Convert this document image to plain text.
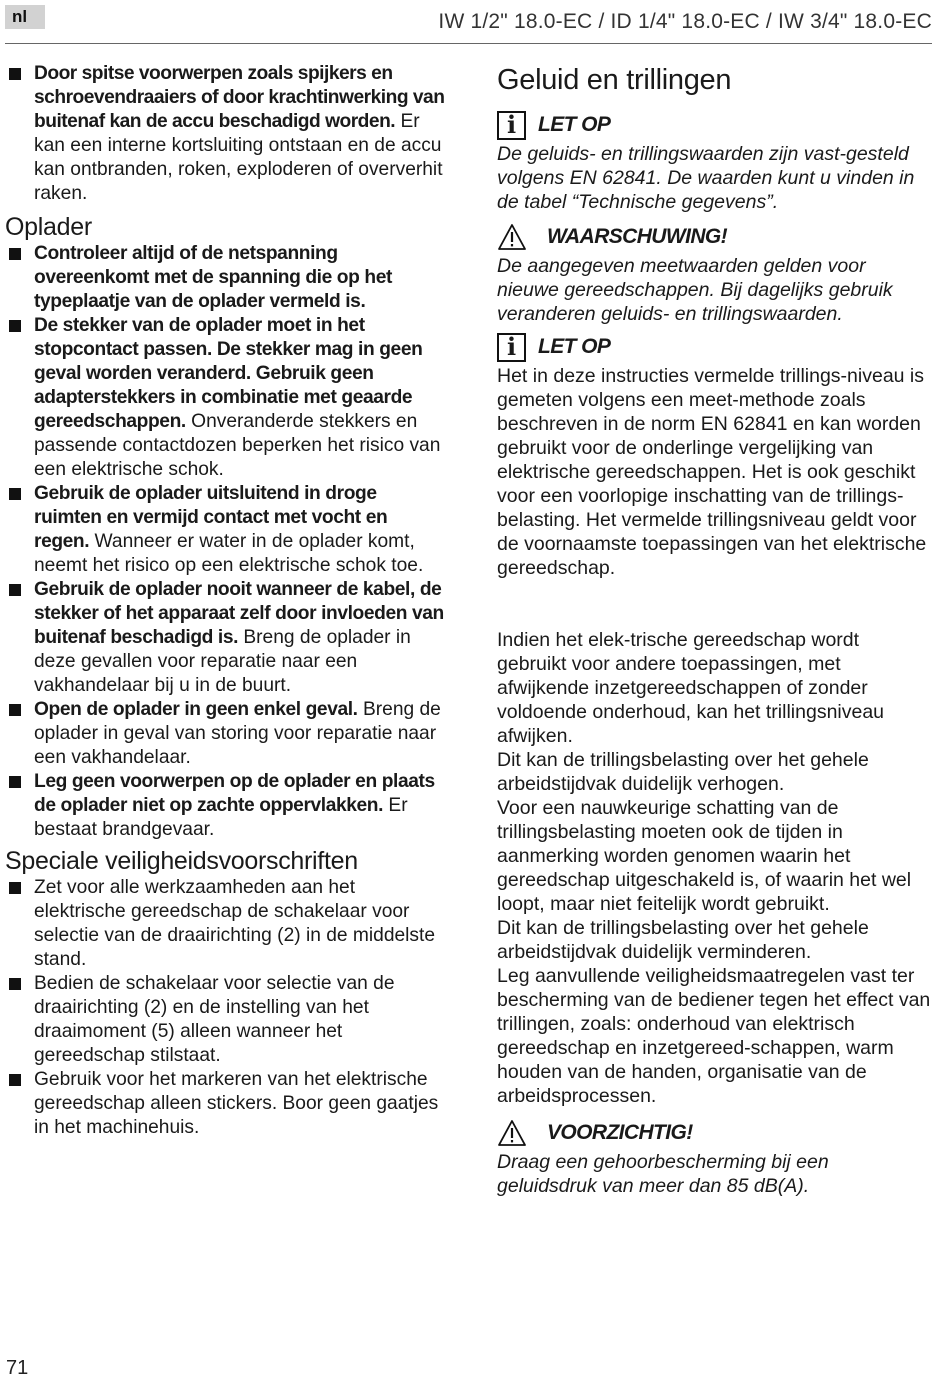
nl	IW 1/2" 18.0-EC / ID 1/4" 18.0-EC / IW 3/4" 18.0-EC
Door spitse voorwerpen zoals spijkers en schroevendraaiers of door krachtinwerking van buitenaf kan de accu beschadigd worden. Er kan een interne kortsluiting ontstaan en de accu kan ontbranden, roken, exploderen of oververhit raken.
Oplader
Controleer altijd of de netspanning overeenkomt met de spanning die op het typeplaatje van de oplader vermeld is.
De stekker van de oplader moet in het stopcontact passen. De stekker mag in geen geval worden veranderd. Gebruik geen adapterstekkers in combinatie met geaarde gereedschappen. Onveranderde stekkers en passende contactdozen beperken het risico van een elektrische schok.
Gebruik de oplader uitsluitend in droge ruimten en vermijd contact met vocht en regen. Wanneer er water in de oplader komt, neemt het risico op een elektrische schok toe.
Gebruik de oplader nooit wanneer de kabel, de stekker of het apparaat zelf door invloeden van buitenaf beschadigd is. Breng de oplader in deze gevallen voor reparatie naar een vakhandelaar bij u in de buurt.
Open de oplader in geen enkel geval. Breng de oplader in geval van storing voor reparatie naar een vakhandelaar.
Leg geen voorwerpen op de oplader en plaats de oplader niet op zachte oppervlakken. Er bestaat brandgevaar.
Speciale veiligheidsvoorschriften
Zet voor alle werkzaamheden aan het elektrische gereedschap de schakelaar voor selectie van de draairichting (2) in de middelste stand.
Bedien de schakelaar voor selectie van de draairichting (2) en de instelling van het draaimoment (5) alleen wanneer het gereedschap stilstaat.
Gebruik voor het markeren van het elektrische gereedschap alleen stickers. Boor geen gaatjes in het machinehuis.
Geluid en trillingen
i	LET OP

De geluids- en trillingswaarden zijn vast-gesteld volgens EN 62841. De waarden kunt u vinden in de tabel “Technische gegevens”.

WAARSCHUWING!

De aangegeven meetwaarden gelden voor nieuwe gereedschappen. Bij dagelijks gebruik veranderen geluids- en trillingswaarden.

i	LET OP

Het in deze instructies vermelde trillings-niveau is gemeten volgens een meet-methode zoals beschreven in de norm EN 62841 en kan worden gebruikt voor de onderlinge vergelijking van elektrische gereedschappen. Het is ook geschikt voor een voorlopige inschatting van de trillings-belasting. Het vermelde trillingsniveau geldt voor de voornaamste toepassingen van het elektrische gereedschap.

Indien het elek-trische gereedschap wordt gebruikt voor andere toepassingen, met afwijkende inzetgereedschappen of zonder voldoende onderhoud, kan het trillingsniveau afwijken.

Dit kan de trillingsbelasting over het gehele arbeidstijdvak duidelijk verhogen.

Voor een nauwkeurige schatting van de trillingsbelasting moeten ook de tijden in aanmerking worden genomen waarin het gereedschap uitgeschakeld is, of waarin het wel loopt, maar niet feitelijk wordt gebruikt.

Dit kan de trillingsbelasting over het gehele arbeidstijdvak duidelijk verminderen.

Leg aanvullende veiligheidsmaatregelen vast ter bescherming van de bediener tegen het effect van trillingen, zoals: onderhoud van elektrisch gereedschap en inzetgereed-schappen, warm houden van de handen, organisatie van de arbeidsprocessen.

VOORZICHTIG!

Draag een gehoorbescherming bij een geluidsdruk van meer dan 85 dB(A).

71
